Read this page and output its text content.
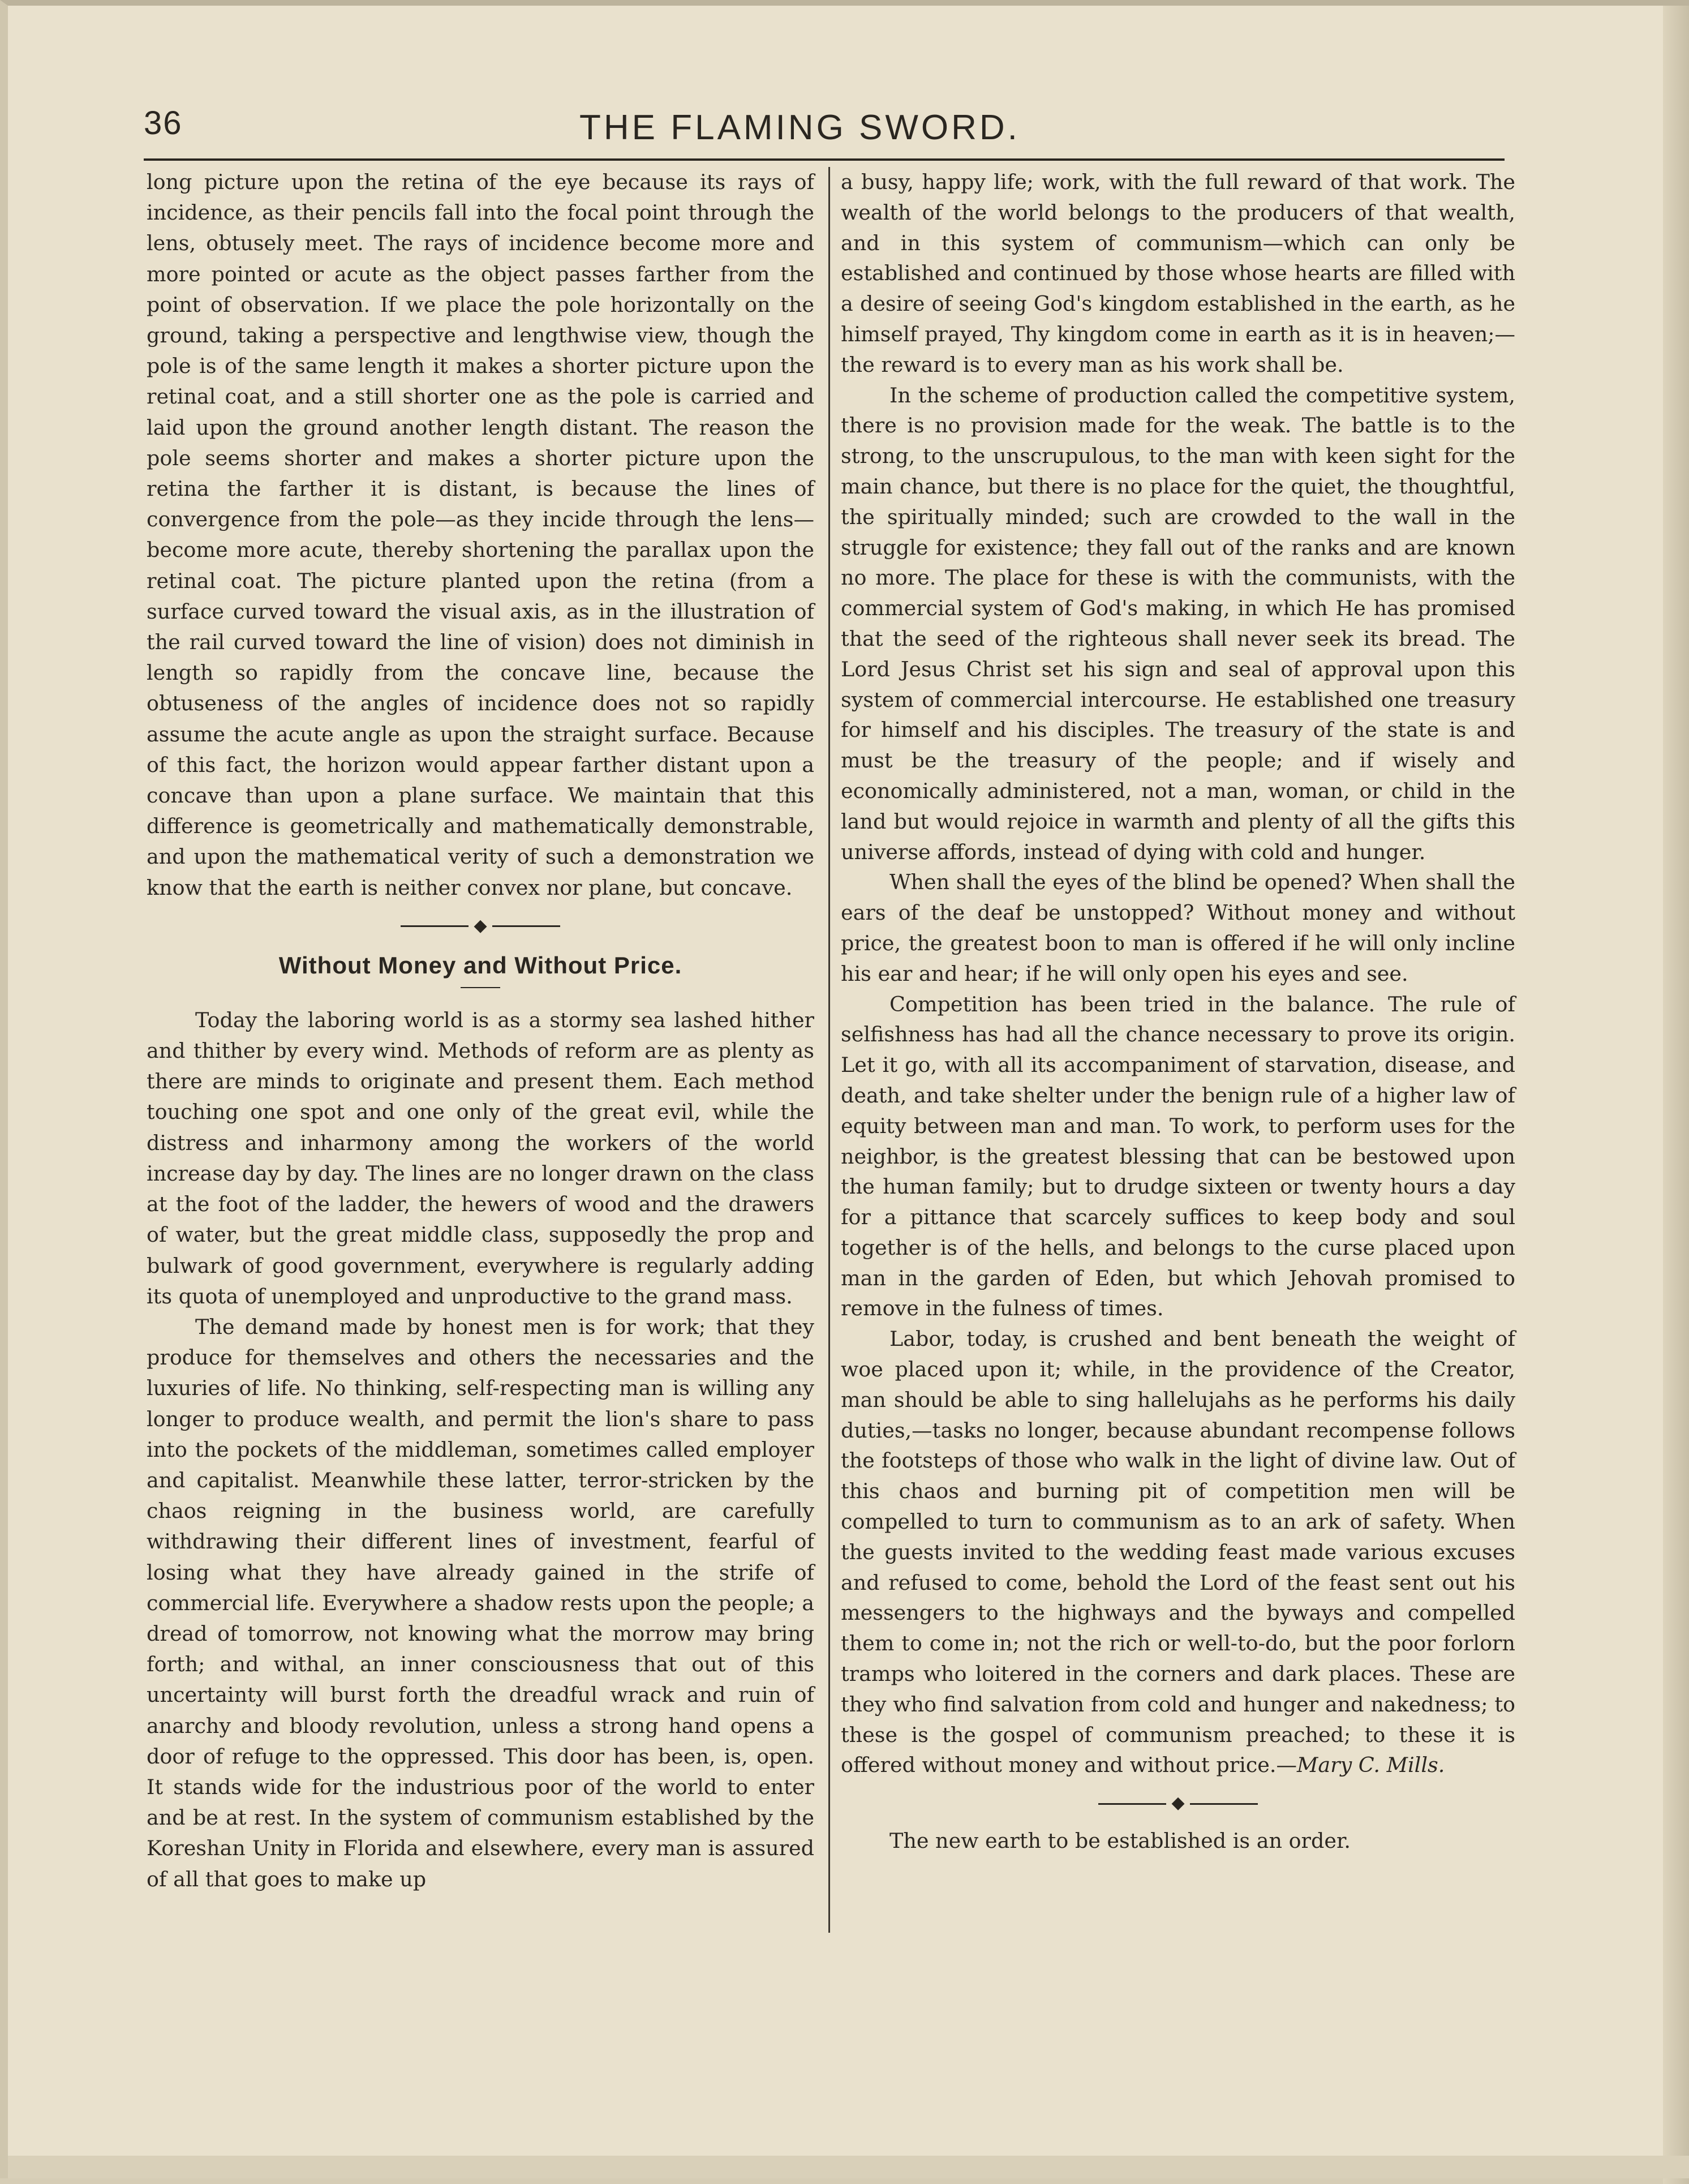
36	THE FLAMING SWORD.

long picture upon the retina of the eye because its rays of incidence, as their pencils fall into the focal point through the lens, obtusely meet. The rays of incidence become more and more pointed or acute as the object passes farther from the point of observation. If we place the pole horizontally on the ground, taking a perspective and lengthwise view, though the pole is of the same length it makes a shorter picture upon the retinal coat, and a still shorter one as the pole is carried and laid upon the ground another length distant. The reason the pole seems shorter and makes a shorter picture upon the retina the farther it is distant, is because the lines of convergence from the pole—as they incide through the lens—become more acute, thereby shortening the parallax upon the retinal coat. The picture planted upon the retina (from a surface curved toward the visual axis, as in the illustration of the rail curved toward the line of vision) does not diminish in length so rapidly from the concave line, because the obtuseness of the angles of incidence does not so rapidly assume the acute angle as upon the straight surface. Because of this fact, the horizon would appear farther distant upon a concave than upon a plane surface. We maintain that this difference is geometrically and mathematically demonstrable, and upon the mathematical verity of such a demonstration we know that the earth is neither convex nor plane, but concave.

◆
Without Money and Without Price.

Today the laboring world is as a stormy sea lashed hither and thither by every wind. Methods of reform are as plenty as there are minds to originate and present them. Each method touching one spot and one only of the great evil, while the distress and inharmony among the workers of the world increase day by day. The lines are no longer drawn on the class at the foot of the ladder, the hewers of wood and the drawers of water, but the great middle class, supposedly the prop and bulwark of good government, everywhere is regularly adding its quota of unemployed and unproductive to the grand mass.

The demand made by honest men is for work; that they produce for themselves and others the necessaries and the luxuries of life. No thinking, self-respecting man is willing any longer to produce wealth, and permit the lion's share to pass into the pockets of the middleman, sometimes called employer and capitalist. Meanwhile these latter, terror-stricken by the chaos reigning in the business world, are carefully withdrawing their different lines of investment, fearful of losing what they have already gained in the strife of commercial life. Everywhere a shadow rests upon the people; a dread of tomorrow, not knowing what the morrow may bring forth; and withal, an inner consciousness that out of this uncertainty will burst forth the dreadful wrack and ruin of anarchy and bloody revolution, unless a strong hand opens a door of refuge to the oppressed. This door has been, is, open. It stands wide for the industrious poor of the world to enter and be at rest. In the system of communism established by the Koreshan Unity in Florida and elsewhere, every man is assured of all that goes to make up

a busy, happy life; work, with the full reward of that work. The wealth of the world belongs to the producers of that wealth, and in this system of communism—which can only be established and continued by those whose hearts are filled with a desire of seeing God's kingdom established in the earth, as he himself prayed, Thy kingdom come in earth as it is in heaven;—the reward is to every man as his work shall be.

In the scheme of production called the competitive system, there is no provision made for the weak. The battle is to the strong, to the unscrupulous, to the man with keen sight for the main chance, but there is no place for the quiet, the thoughtful, the spiritually minded; such are crowded to the wall in the struggle for existence; they fall out of the ranks and are known no more. The place for these is with the communists, with the commercial system of God's making, in which He has promised that the seed of the righteous shall never seek its bread. The Lord Jesus Christ set his sign and seal of approval upon this system of commercial intercourse. He established one treasury for himself and his disciples. The treasury of the state is and must be the treasury of the people; and if wisely and economically administered, not a man, woman, or child in the land but would rejoice in warmth and plenty of all the gifts this universe affords, instead of dying with cold and hunger.

When shall the eyes of the blind be opened? When shall the ears of the deaf be unstopped? Without money and without price, the greatest boon to man is offered if he will only incline his ear and hear; if he will only open his eyes and see.

Competition has been tried in the balance. The rule of selfishness has had all the chance necessary to prove its origin. Let it go, with all its accompaniment of starvation, disease, and death, and take shelter under the benign rule of a higher law of equity between man and man. To work, to perform uses for the neighbor, is the greatest blessing that can be bestowed upon the human family; but to drudge sixteen or twenty hours a day for a pittance that scarcely suffices to keep body and soul together is of the hells, and belongs to the curse placed upon man in the garden of Eden, but which Jehovah promised to remove in the fulness of times.

Labor, today, is crushed and bent beneath the weight of woe placed upon it; while, in the providence of the Creator, man should be able to sing hallelujahs as he performs his daily duties,—tasks no longer, because abundant recompense follows the footsteps of those who walk in the light of divine law. Out of this chaos and burning pit of competition men will be compelled to turn to communism as to an ark of safety. When the guests invited to the wedding feast made various excuses and refused to come, behold the Lord of the feast sent out his messengers to the highways and the byways and compelled them to come in; not the rich or well-to-do, but the poor forlorn tramps who loitered in the corners and dark places. These are they who find salvation from cold and hunger and nakedness; to these is the gospel of communism preached; to these it is offered without money and without price.—Mary C. Mills.

◆

The new earth to be established is an order.
